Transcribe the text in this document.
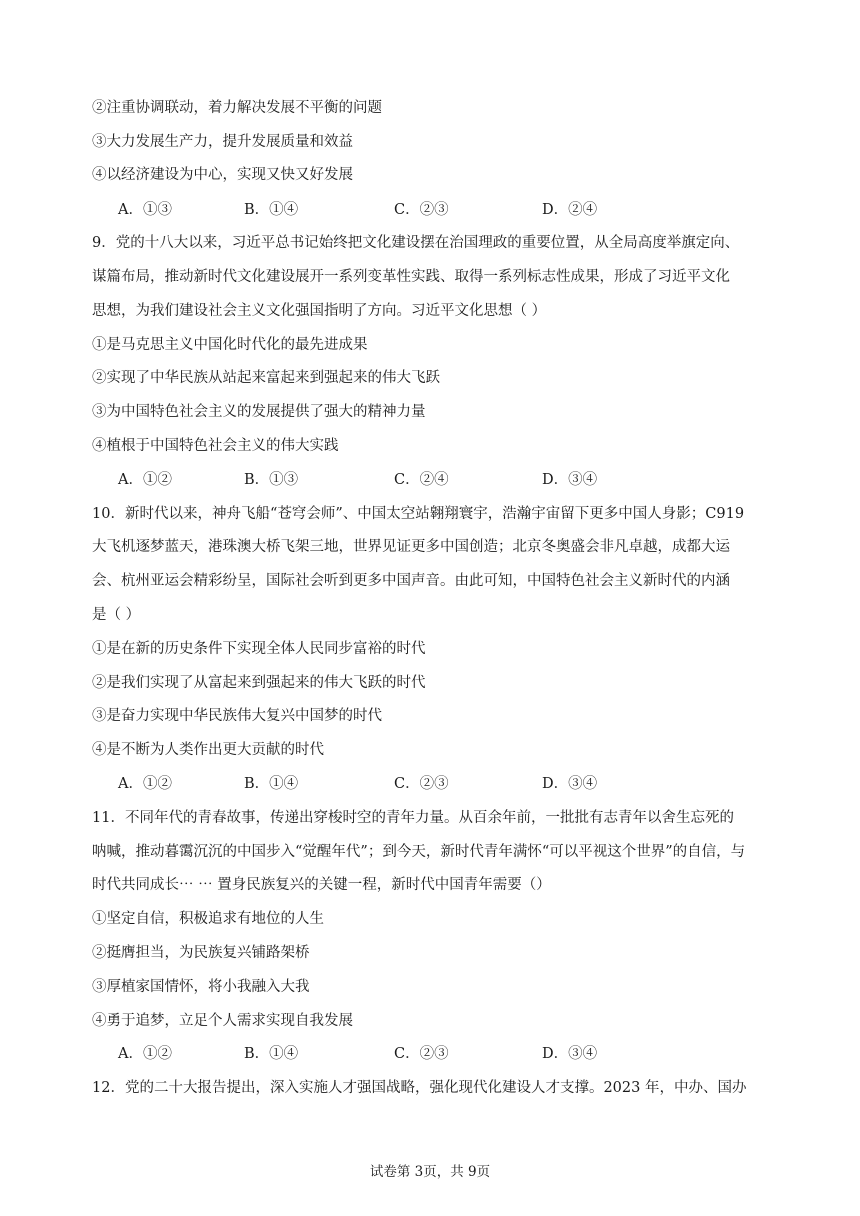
②注重协调联动，着力解决发展不平衡的问题
③大力发展生产力，提升发展质量和效益
④以经济建设为中心，实现又快又好发展
A．①③	B．①④	C．②③	D．②④
9．党的十八大以来，习近平总书记始终把文化建设摆在治国理政的重要位置，从全局高度举旗定向、
谋篇布局，推动新时代文化建设展开一系列变革性实践、取得一系列标志性成果，形成了习近平文化
思想，为我们建设社会主义文化强国指明了方向。习近平文化思想（ ）
①是马克思主义中国化时代化的最先进成果
②实现了中华民族从站起来富起来到强起来的伟大飞跃
③为中国特色社会主义的发展提供了强大的精神力量
④植根于中国特色社会主义的伟大实践
A．①②	B．①③	C．②④	D．③④
10．新时代以来，神舟飞船“苍穹会师”、中国太空站翱翔寰宇，浩瀚宇宙留下更多中国人身影；C919
大飞机逐梦蓝天，港珠澳大桥飞架三地，世界见证更多中国创造；北京冬奥盛会非凡卓越，成都大运
会、杭州亚运会精彩纷呈，国际社会听到更多中国声音。由此可知，中国特色社会主义新时代的内涵
是（ ）
①是在新的历史条件下实现全体人民同步富裕的时代
②是我们实现了从富起来到强起来的伟大飞跃的时代
③是奋力实现中华民族伟大复兴中国梦的时代
④是不断为人类作出更大贡献的时代
A．①②	B．①④	C．②③	D．③④
11．不同年代的青春故事，传递出穿梭时空的青年力量。从百余年前，一批批有志青年以舍生忘死的
呐喊，推动暮霭沉沉的中国步入“觉醒年代”；到今天，新时代青年满怀“可以平视这个世界”的自信，与
时代共同成长⋯ ⋯ 置身民族复兴的关键一程，新时代中国青年需要（）
①坚定自信，积极追求有地位的人生
②挺膺担当，为民族复兴铺路架桥
③厚植家国情怀，将小我融入大我
④勇于追梦，立足个人需求实现自我发展
A．①②	B．①④	C．②③	D．③④
12．党的二十大报告提出，深入实施人才强国战略，强化现代化建设人才支撑。2023 年，中办、国办
试卷第 3页，共 9页
